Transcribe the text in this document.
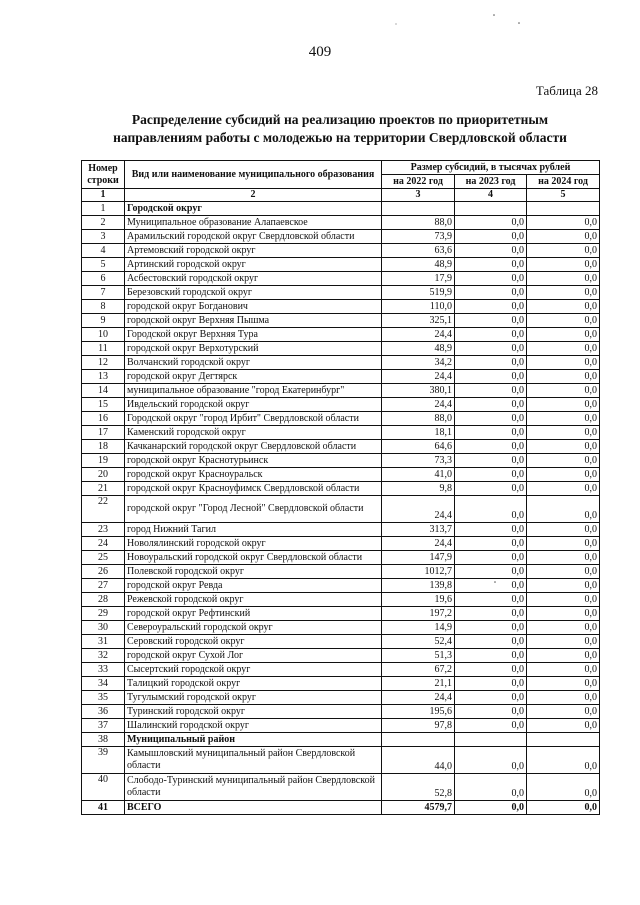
409
Таблица 28
Распределение субсидий на реализацию проектов по приоритетным
направлениям работы с молодежью на территории Свердловской области
Номер строки	Вид или наименование муниципального образования	Размер субсидий, в тысячах рублей		
		на 2022 год	на 2023 год	на 2024 год
1	2	3	4	5
1	Городской округ			
2	Муниципальное образование Алапаевское	88,0	0,0	0,0
3	Арамильский городской округ Свердловской области	73,9	0,0	0,0
4	Артемовский городской округ	63,6	0,0	0,0
5	Артинский городской округ	48,9	0,0	0,0
6	Асбестовский городской округ	17,9	0,0	0,0
7	Березовский городской округ	519,9	0,0	0,0
8	городской округ Богданович	110,0	0,0	0,0
9	городской округ Верхняя Пышма	325,1	0,0	0,0
10	Городской округ Верхняя Тура	24,4	0,0	0,0
11	городской округ Верхотурский	48,9	0,0	0,0
12	Волчанский городской округ	34,2	0,0	0,0
13	городской округ Дегтярск	24,4	0,0	0,0
14	муниципальное образование "город Екатеринбург"	380,1	0,0	0,0
15	Ивдельский городской округ	24,4	0,0	0,0
16	Городской округ "город Ирбит" Свердловской области	88,0	0,0	0,0
17	Каменский городской округ	18,1	0,0	0,0
18	Качканарский городской округ Свердловской области	64,6	0,0	0,0
19	городской округ Краснотурьинск	73,3	0,0	0,0
20	городской округ Красноуральск	41,0	0,0	0,0
21	городской округ Красноуфимск Свердловской области	9,8	0,0	0,0
22	городской округ "Город Лесной" Свердловской области	24,4	0,0	0,0
23	город Нижний Тагил	313,7	0,0	0,0
24	Новолялинский городской округ	24,4	0,0	0,0
25	Новоуральский городской округ Свердловской области	147,9	0,0	0,0
26	Полевской городской округ	1012,7	0,0	0,0
27	городской округ Ревда	139,8	0,0	0,0
28	Режевской городской округ	19,6	0,0	0,0
29	городской округ Рефтинский	197,2	0,0	0,0
30	Североуральский городской округ	14,9	0,0	0,0
31	Серовский городской округ	52,4	0,0	0,0
32	городской округ Сухой Лог	51,3	0,0	0,0
33	Сысертский городской округ	67,2	0,0	0,0
34	Талицкий городской округ	21,1	0,0	0,0
35	Тугулымский городской округ	24,4	0,0	0,0
36	Туринский городской округ	195,6	0,0	0,0
37	Шалинский городской округ	97,8	0,0	0,0
38	Муниципальный район			
39	Камышловский муниципальный район Свердловской области	44,0	0,0	0,0
40	Слободо-Туринский муниципальный район Свердловской области	52,8	0,0	0,0
41	ВСЕГО	4579,7	0,0	0,0
